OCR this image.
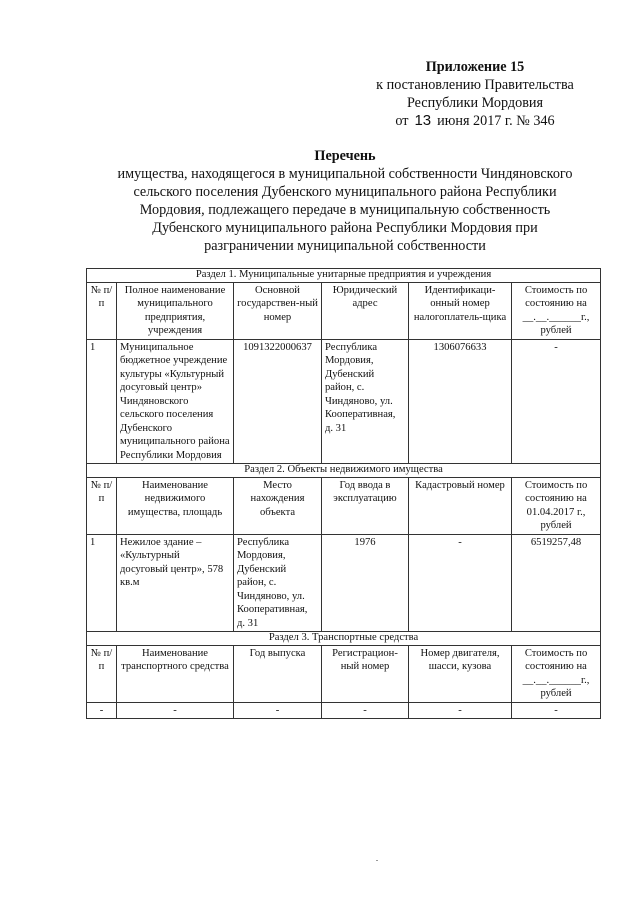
Приложение 15
к постановлению Правительства
Республики Мордовия
от 13 июня 2017 г. № 346
Перечень
имущества, находящегося в муниципальной собственности Чиндяновского
сельского поселения Дубенского муниципального района Республики
Мордовия, подлежащего передаче в муниципальную собственность
Дубенского муниципального района Республики Мордовия при
разграничении муниципальной собственности
Раздел 1. Муниципальные унитарные предприятия и учреждения					
№ п/п	Полное наименование муниципального предприятия, учреждения	Основной государствен-ный номер	Юридический адрес	Идентификаци-онный номер налогоплатель-щика	Стоимость по состоянию на __.__.______г., рублей
1	Муниципальное бюджетное учреждение культуры «Культурный досуговый центр» Чиндяновского сельского поселения Дубенского муниципального района Республики Мордовия	1091322000637	Республика Мордовия, Дубенский район, с. Чиндяново, ул. Кооперативная, д. 31	1306076633	-
Раздел 2. Объекты недвижимого имущества					
№ п/п	Наименование недвижимого имущества, площадь	Место нахождения объекта	Год ввода в эксплуатацию	Кадастровый номер	Стоимость по состоянию на 01.04.2017 г., рублей
1	Нежилое здание – «Культурный досуговый центр», 578 кв.м	Республика Мордовия, Дубенский район, с. Чиндяново, ул. Кооперативная, д. 31	1976	-	6519257,48
Раздел 3. Транспортные средства					
№ п/п	Наименование транспортного средства	Год выпуска	Регистрацион-ный номер	Номер двигателя, шасси, кузова	Стоимость по состоянию на __.__.______г., рублей
-	-	-	-	-	-
